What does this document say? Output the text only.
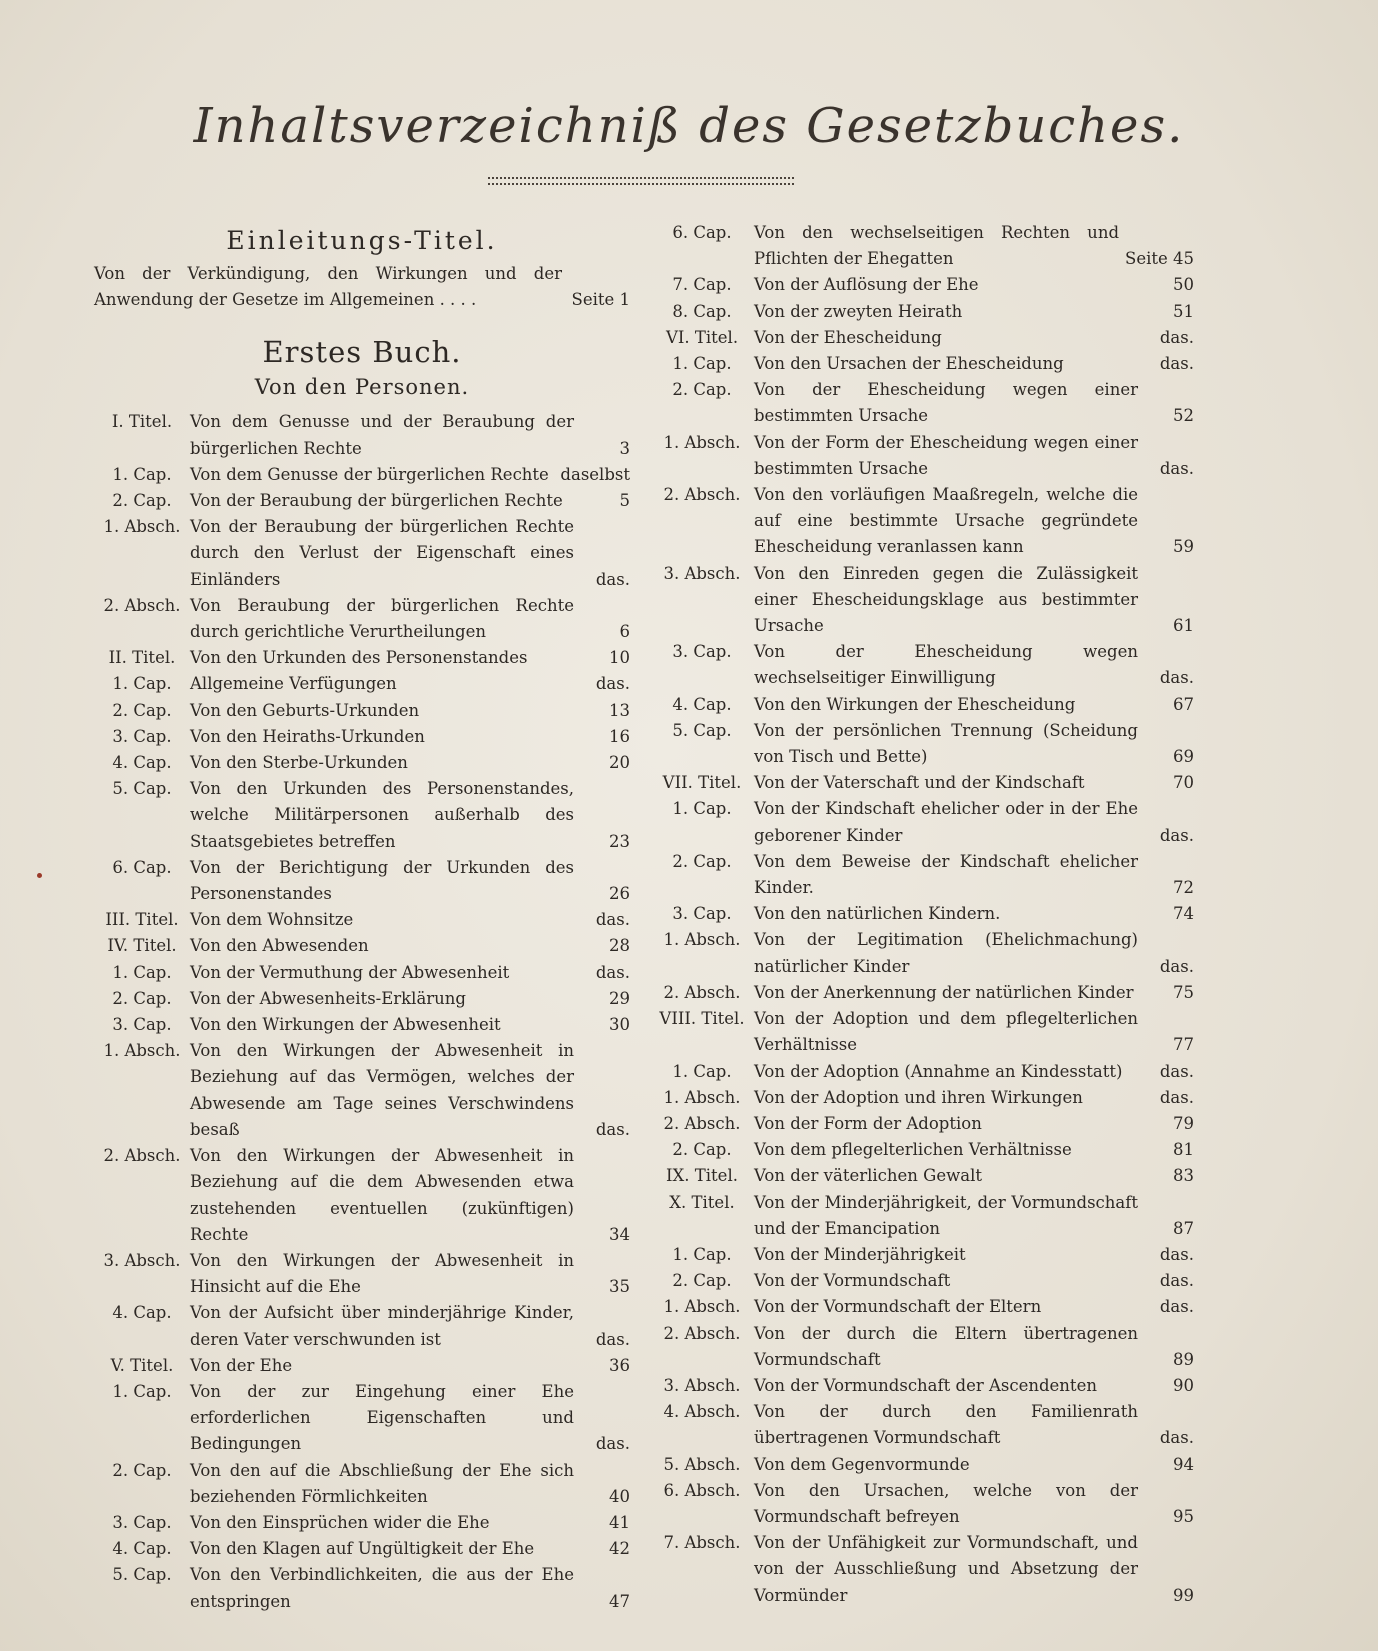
Inhaltsverzeichniß des Gesetzbuches.
Einleitungs-Titel.
Von der Verkündigung, den Wirkungen und der Anwendung der Gesetze im Allgemeinen . . . .	Seite 1
Erstes Buch.
Von den Personen.
I. Titel.	Von dem Genusse und der Beraubung der bürgerlichen Rechte	3
1. Cap.	Von dem Genusse der bürgerlichen Rechte daselbst
2. Cap.	Von der Beraubung der bürgerlichen Rechte	5
1. Absch. Von der Beraubung der bürgerlichen Rechte durch den Verlust der Eigenschaft eines Einländers	das.
2. Absch. Von Beraubung der bürgerlichen Rechte durch gerichtliche Verurtheilungen	6
II. Titel. Von den Urkunden des Personenstandes	10
1. Cap.	Allgemeine Verfügungen	das.
2. Cap.	Von den Geburts-Urkunden	13
3. Cap.	Von den Heiraths-Urkunden	16
4. Cap.	Von den Sterbe-Urkunden	20
5. Cap.	Von den Urkunden des Personenstandes, welche Militärpersonen außerhalb des Staatsgebietes betreffen	23
6. Cap.	Von der Berichtigung der Urkunden des Personenstandes	26
III. Titel. Von dem Wohnsitze	das.
IV. Titel. Von den Abwesenden	28
1. Cap.	Von der Vermuthung der Abwesenheit	das.
2. Cap.	Von der Abwesenheits-Erklärung	29
3. Cap.	Von den Wirkungen der Abwesenheit	30
1. Absch. Von den Wirkungen der Abwesenheit in Beziehung auf das Vermögen, welches der Abwesende am Tage seines Verschwindens besaß	das.
2. Absch. Von den Wirkungen der Abwesenheit in Beziehung auf die dem Abwesenden etwa zustehenden eventuellen (zukünftigen) Rechte	34
3. Absch. Von den Wirkungen der Abwesenheit in Hinsicht auf die Ehe	35
4. Cap.	Von der Aufsicht über minderjährige Kinder, deren Vater verschwunden ist	das.
V. Titel.	Von der Ehe	36
1. Cap.	Von der zur Eingehung einer Ehe erforderlichen Eigenschaften und Bedingungen	das.
2. Cap.	Von den auf die Abschließung der Ehe sich beziehenden Förmlichkeiten	40
3. Cap.	Von den Einsprüchen wider die Ehe	41
4. Cap.	Von den Klagen auf Ungültigkeit der Ehe	42
5. Cap.	Von den Verbindlichkeiten, die aus der Ehe entspringen	47
6. Cap.	Von den wechselseitigen Rechten und Pflichten der Ehegatten	Seite 45
7. Cap.	Von der Auflösung der Ehe	50
8. Cap.	Von der zweyten Heirath	51
VI. Titel. Von der Ehescheidung	das.
1. Cap.	Von den Ursachen der Ehescheidung	das.
2. Cap.	Von der Ehescheidung wegen einer bestimmten Ursache	52
1. Absch. Von der Form der Ehescheidung wegen einer bestimmten Ursache	das.
2. Absch. Von den vorläufigen Maaßregeln, welche die auf eine bestimmte Ursache gegründete Ehescheidung veranlassen kann	59
3. Absch. Von den Einreden gegen die Zulässigkeit einer Ehescheidungsklage aus bestimmter Ursache	61
3. Cap.	Von der Ehescheidung wegen wechselseitiger Einwilligung	das.
4. Cap.	Von den Wirkungen der Ehescheidung	67
5. Cap.	Von der persönlichen Trennung (Scheidung von Tisch und Bette)	69
VII. Titel. Von der Vaterschaft und der Kindschaft	70
1. Cap.	Von der Kindschaft ehelicher oder in der Ehe geborener Kinder	das.
2. Cap.	Von dem Beweise der Kindschaft ehelicher Kinder.	72
3. Cap.	Von den natürlichen Kindern.	74
1. Absch. Von der Legitimation (Ehelichmachung) natürlicher Kinder	das.
2. Absch. Von der Anerkennung der natürlichen Kinder	75
VIII. Titel. Von der Adoption und dem pflegelterlichen Verhältnisse	77
1. Cap.	Von der Adoption (Annahme an Kindesstatt)	das.
1. Absch. Von der Adoption und ihren Wirkungen	das.
2. Absch. Von der Form der Adoption	79
2. Cap.	Von dem pflegelterlichen Verhältnisse	81
IX. Titel. Von der väterlichen Gewalt	83
X. Titel.	Von der Minderjährigkeit, der Vormundschaft und der Emancipation	87
1. Cap.	Von der Minderjährigkeit	das.
2. Cap.	Von der Vormundschaft	das.
1. Absch. Von der Vormundschaft der Eltern	das.
2. Absch. Von der durch die Eltern übertragenen Vormundschaft	89
3. Absch. Von der Vormundschaft der Ascendenten	90
4. Absch. Von der durch den Familienrath übertragenen Vormundschaft	das.
5. Absch. Von dem Gegenvormunde	94
6. Absch. Von den Ursachen, welche von der Vormundschaft befreyen	95
7. Absch. Von der Unfähigkeit zur Vormundschaft, und von der Ausschließung und Absetzung der Vormünder	99
